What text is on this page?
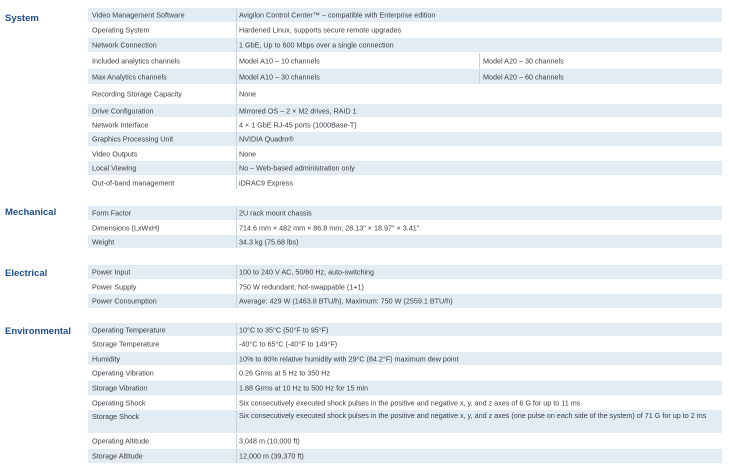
System	Video Management Software	Avigilon Control Center™ – compatible with Enterprise edition
Operating System	Hardened Linux, supports secure remote upgrades
Network Connection	1 GbE, Up to 600 Mbps over a single connection
Included analytics channels	Model A10 – 10 channels	Model A20 – 30 channels
Max Analytics channels	Model A10 – 30 channels	Model A20 – 60 channels
Recording Storage Capacity	None
Drive Configuration	Mirrored OS – 2 × M2 drives, RAID 1
Network Interface	4 × 1 GbE RJ-45 ports (1000Base-T)
Graphics Processing Unit	NVIDIA Quadro®
Video Outputs	None
Local Viewing	No – Web-based administration only
Out-of-band management	iDRAC9 Express
Mechanical	Form Factor	2U rack mount chassis
Dimensions (LxWxH)	714.6 mm × 482 mm × 86.8 mm; 28.13" × 18.97" × 3.41"
Weight	34.3 kg (75.68 lbs)
Electrical	Power Input	100 to 240 V AC, 50/60 Hz, auto-switching
Power Supply	750 W redundant, hot-swappable (1+1)
Power Consumption	Average: 429 W (1463.8 BTU/h), Maximum: 750 W (2559.1 BTU/h)
Environmental	Operating Temperature	10°C to 35°C (50°F to 95°F)
Storage Temperature	-40°C to 65°C (-40°F to 149°F)
Humidity	10% to 80% relative humidity with 29°C (84.2°F) maximum dew point
Operating Vibration	0.26 Grms at 5 Hz to 350 Hz
Storage Vibration	1.88 Grms at 10 Hz to 500 Hz for 15 min
Operating Shock	Six consecutively executed shock pulses in the positive and negative x, y, and z axes of 6 G for up to 11 ms
Storage Shock	Six consecutively executed shock pulses in the positive and negative x, y, and z axes (one pulse on each side of the system) of 71 G for up to 2 ms
Operating Altitude	3,048 m (10,000 ft)
Storage Altitude	12,000 m (39,370 ft)
